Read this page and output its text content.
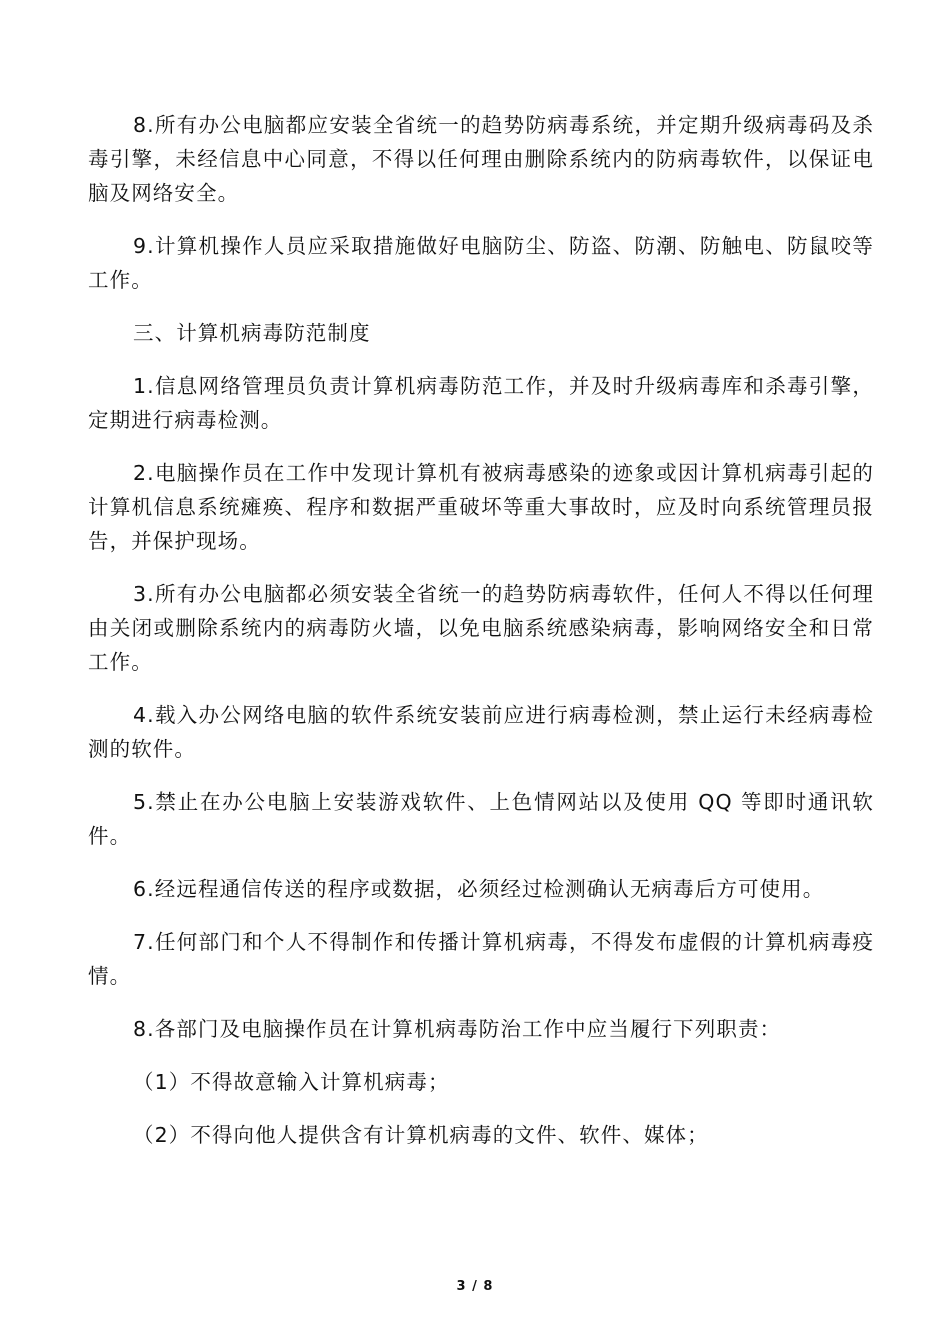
8.所有办公电脑都应安装全省统一的趋势防病毒系统，并定期升级病毒码及杀毒引擎，未经信息中心同意，不得以任何理由删除系统内的防病毒软件，以保证电脑及网络安全。

9.计算机操作人员应采取措施做好电脑防尘、防盗、防潮、防触电、防鼠咬等工作。

三、计算机病毒防范制度

1.信息网络管理员负责计算机病毒防范工作，并及时升级病毒库和杀毒引擎，定期进行病毒检测。

2.电脑操作员在工作中发现计算机有被病毒感染的迹象或因计算机病毒引起的计算机信息系统瘫痪、程序和数据严重破坏等重大事故时，应及时向系统管理员报告，并保护现场。

3.所有办公电脑都必须安装全省统一的趋势防病毒软件，任何人不得以任何理由关闭或删除系统内的病毒防火墙，以免电脑系统感染病毒，影响网络安全和日常工作。

4.载入办公网络电脑的软件系统安装前应进行病毒检测，禁止运行未经病毒检测的软件。

5.禁止在办公电脑上安装游戏软件、上色情网站以及使用 QQ 等即时通讯软件。

6.经远程通信传送的程序或数据，必须经过检测确认无病毒后方可使用。

7.任何部门和个人不得制作和传播计算机病毒，不得发布虚假的计算机病毒疫情。

8.各部门及电脑操作员在计算机病毒防治工作中应当履行下列职责：

（1）不得故意输入计算机病毒；

（2）不得向他人提供含有计算机病毒的文件、软件、媒体；

3 / 8
